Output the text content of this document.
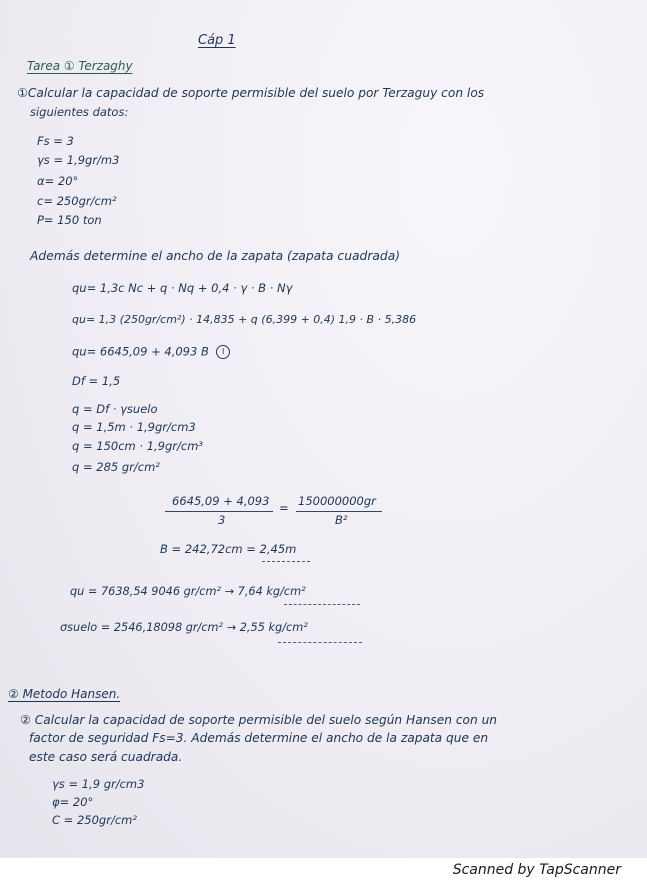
Cáp 1
Tarea ① Terzaghy
①Calcular la capacidad de soporte permisible del suelo por Terzaguy con los
siguientes datos:
Fs = 3
γs = 1,9gr/m3
α= 20°
c= 250gr/cm²
P= 150 ton
Además determine el ancho de la zapata (zapata cuadrada)
qu= 1,3c Nc + q · Nq + 0,4 · γ · B · Nγ
qu= 1,3 (250gr/cm²) · 14,835 + q (6,399 + 0,4) 1,9 · B · 5,386
qu= 6645,09 + 4,093 B I
Df = 1,5
q = Df · γsuelo
q = 1,5m · 1,9gr/cm3
q = 150cm · 1,9gr/cm³
q = 285 gr/cm²
6645,09 + 4,093
3
= 150000000gr
B²
B = 242,72cm = 2,45m
qu = 7638,54 9046 gr/cm² → 7,64 kg/cm²
σsuelo = 2546,18098 gr/cm² → 2,55 kg/cm²
② Metodo Hansen.
② Calcular la capacidad de soporte permisible del suelo según Hansen con un
factor de seguridad Fs=3. Además determine el ancho de la zapata que en
este caso será cuadrada.
γs = 1,9 gr/cm3
φ= 20°
C = 250gr/cm²
Scanned by TapScanner
